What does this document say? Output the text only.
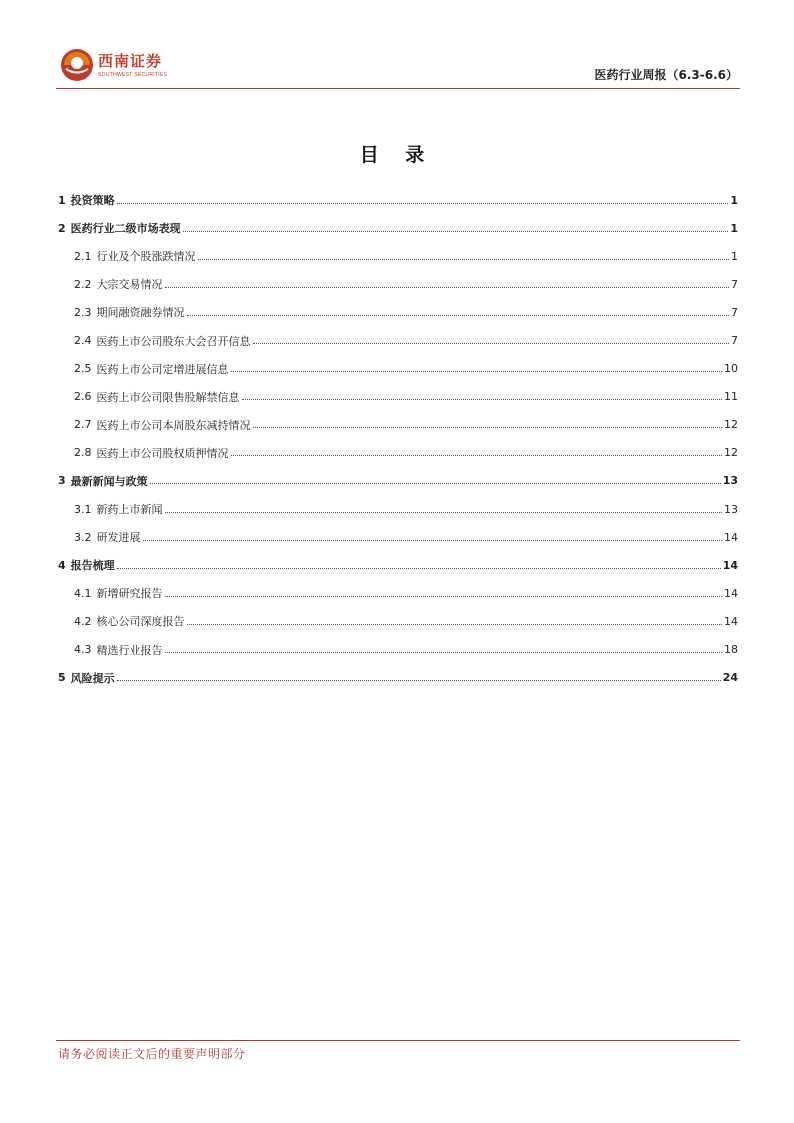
西南证券
SOUTHWEST SECURITIES	医药行业周报（6.3-6.6）
目 录
1 投资策略	1
2 医药行业二级市场表现	1
2.1 行业及个股涨跌情况	1
2.2 大宗交易情况	7
2.3 期间融资融券情况	7
2.4 医药上市公司股东大会召开信息	7
2.5 医药上市公司定增进展信息	10
2.6 医药上市公司限售股解禁信息	11
2.7 医药上市公司本周股东减持情况	12
2.8 医药上市公司股权质押情况	12
3 最新新闻与政策	13
3.1 新药上市新闻	13
3.2 研发进展	14
4 报告梳理	14
4.1 新增研究报告	14
4.2 核心公司深度报告	14
4.3 精选行业报告	18
5 风险提示	24
请务必阅读正文后的重要声明部分
